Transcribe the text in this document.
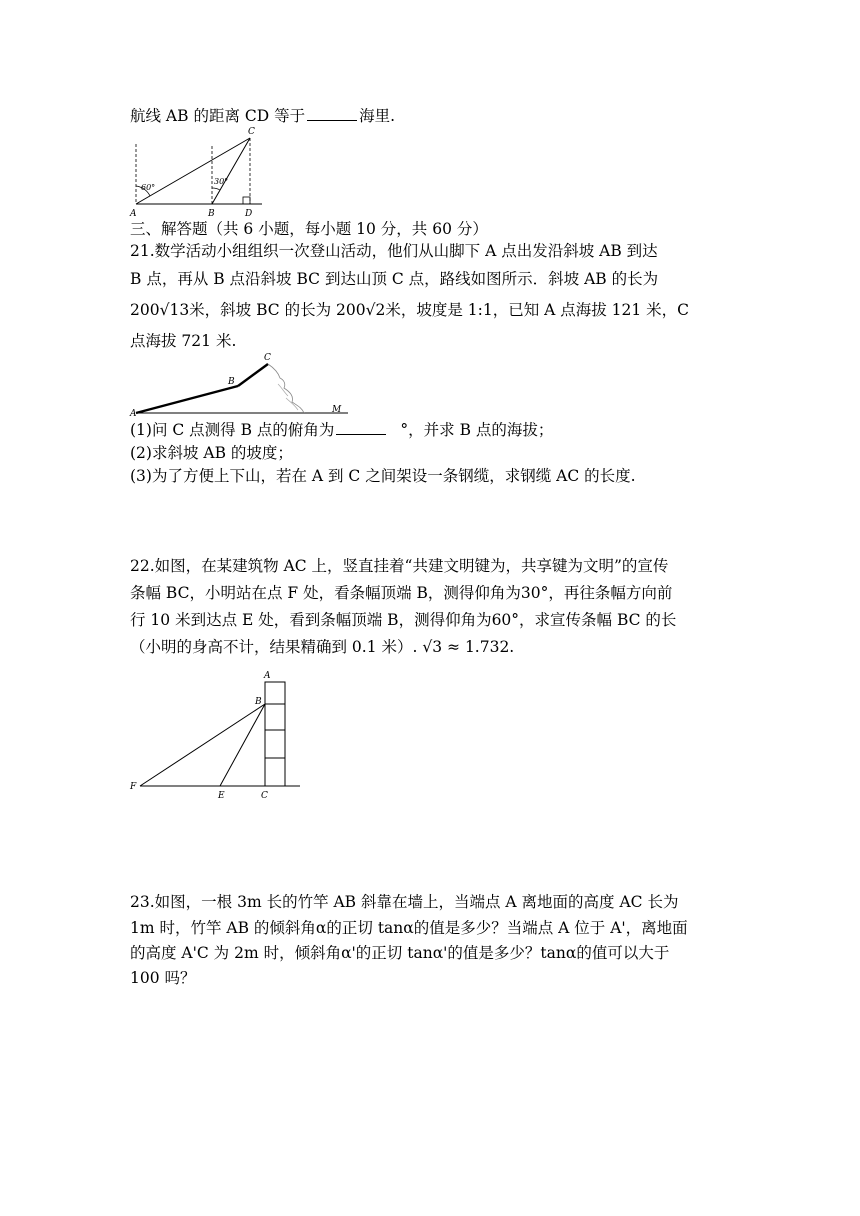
航线 AB 的距离 CD 等于	海里.
60°
30°
A	B
C
D
三、解答题（共 6 小题，每小题 10 分，共 60 分）
21.数学活动小组组织一次登山活动，他们从山脚下 A 点出发沿斜坡 AB 到达
B 点，再从 B 点沿斜坡 BC 到达山顶 C 点，路线如图所示．斜坡 AB 的长为
200√13米，斜坡 BC 的长为 200√2米，坡度是 1:1，已知 A 点海拔 121 米，C
点海拔 721 米.
A
B
C
M
(1)问 C 点测得 B 点的俯角为	°，并求 B 点的海拔；
(2)求斜坡 AB 的坡度；
(3)为了方便上下山，若在 A 到 C 之间架设一条钢缆，求钢缆 AC 的长度.
22.如图，在某建筑物 AC 上，竖直挂着“共建文明键为，共享键为文明”的宣传
条幅 BC，小明站在点 F 处，看条幅顶端 B，测得仰角为30°，再往条幅方向前
行 10 米到达点 E 处，看到条幅顶端 B，测得仰角为60°，求宣传条幅 BC 的长
（小明的身高不计，结果精确到 0.1 米）. √3 ≈ 1.732.
A
B
C
E
F
23.如图，一根 3m 长的竹竿 AB 斜靠在墙上，当端点 A 离地面的高度 AC 长为
1m 时，竹竿 AB 的倾斜角α的正切 tanα的值是多少？当端点 A 位于 A'，离地面
的高度 A'C 为 2m 时，倾斜角α'的正切 tanα'的值是多少？tanα的值可以大于
100 吗？
